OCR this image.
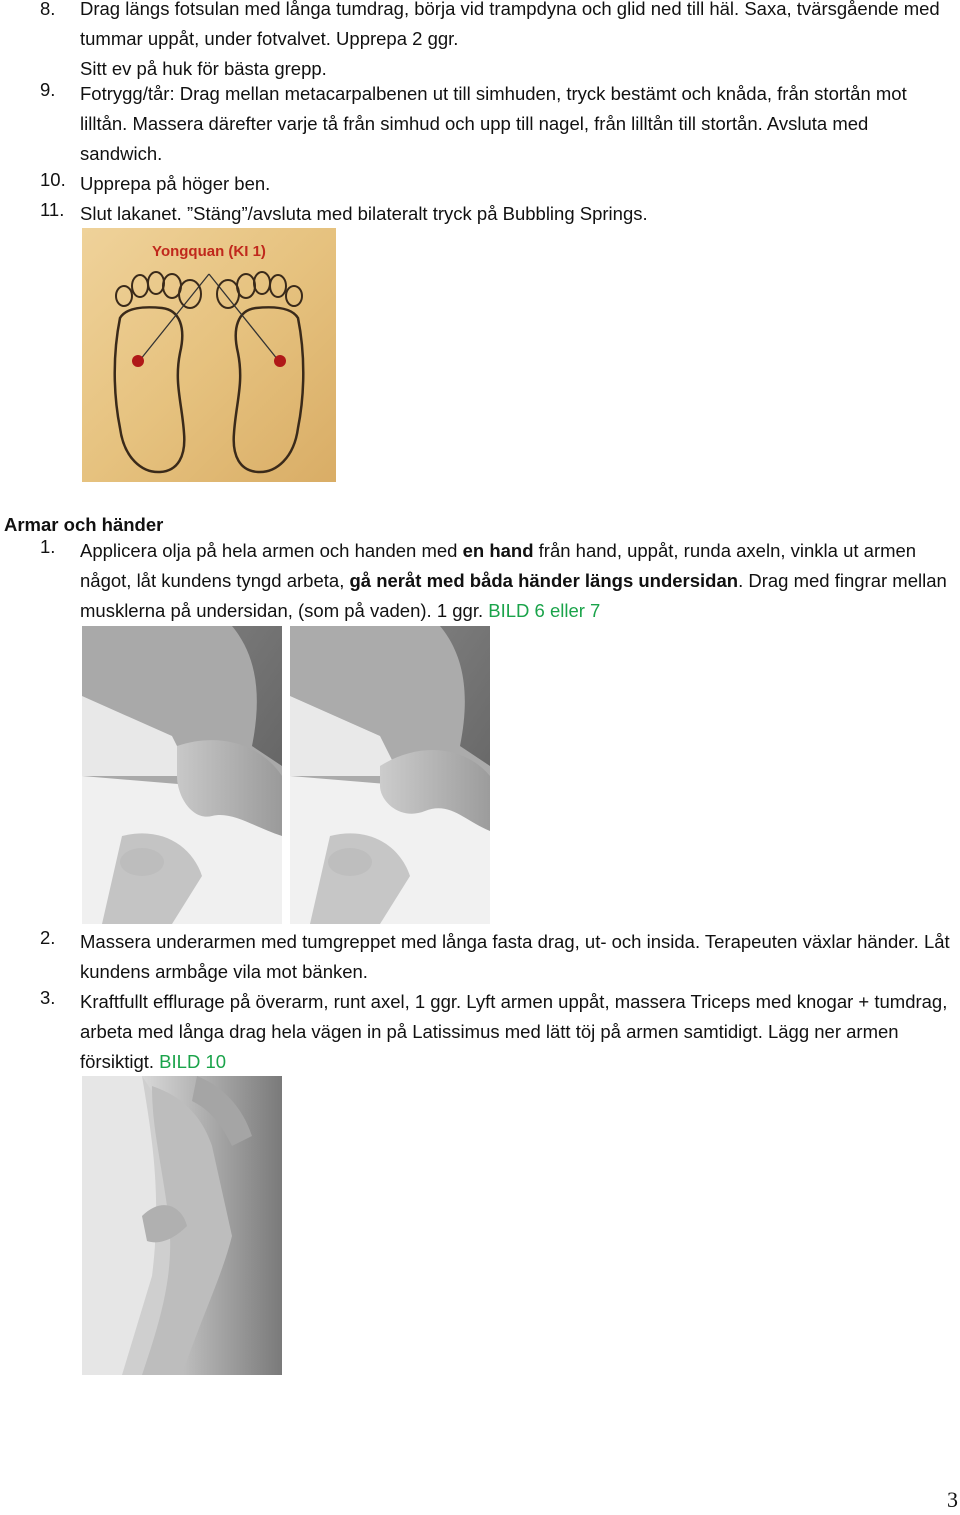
8. Drag längs fotsulan med långa tumdrag, börja vid trampdyna och glid ned till häl. Saxa, tvärsgående med tummar uppåt, under fotvalvet. Upprepa 2 ggr.
Sitt ev på huk för bästa grepp.
9. Fotrygg/tår: Drag mellan metacarpalbenen ut till simhuden, tryck bestämt och knåda, från stortån mot lilltån. Massera därefter varje tå från simhud och upp till nagel, från lilltån till stortån. Avsluta med sandwich.
10. Upprepa på höger ben.
11. Slut lakanet. ”Stäng”/avsluta med bilateralt tryck på Bubbling Springs.
Yongquan (KI 1)
Armar och händer
1. Applicera olja på hela armen och handen med en hand från hand, uppåt, runda axeln, vinkla ut armen något, låt kundens tyngd arbeta, gå neråt med båda händer längs undersidan. Drag med fingrar mellan musklerna på undersidan, (som på vaden). 1 ggr. BILD 6 eller 7
2. Massera underarmen med tumgreppet med långa fasta drag, ut- och insida. Terapeuten växlar händer. Låt kundens armbåge vila mot bänken.
3. Kraftfullt efflurage på överarm, runt axel, 1 ggr. Lyft armen uppåt, massera Triceps med knogar + tumdrag, arbeta med långa drag hela vägen in på Latissimus med lätt töj på armen samtidigt. Lägg ner armen försiktigt. BILD 10
3
